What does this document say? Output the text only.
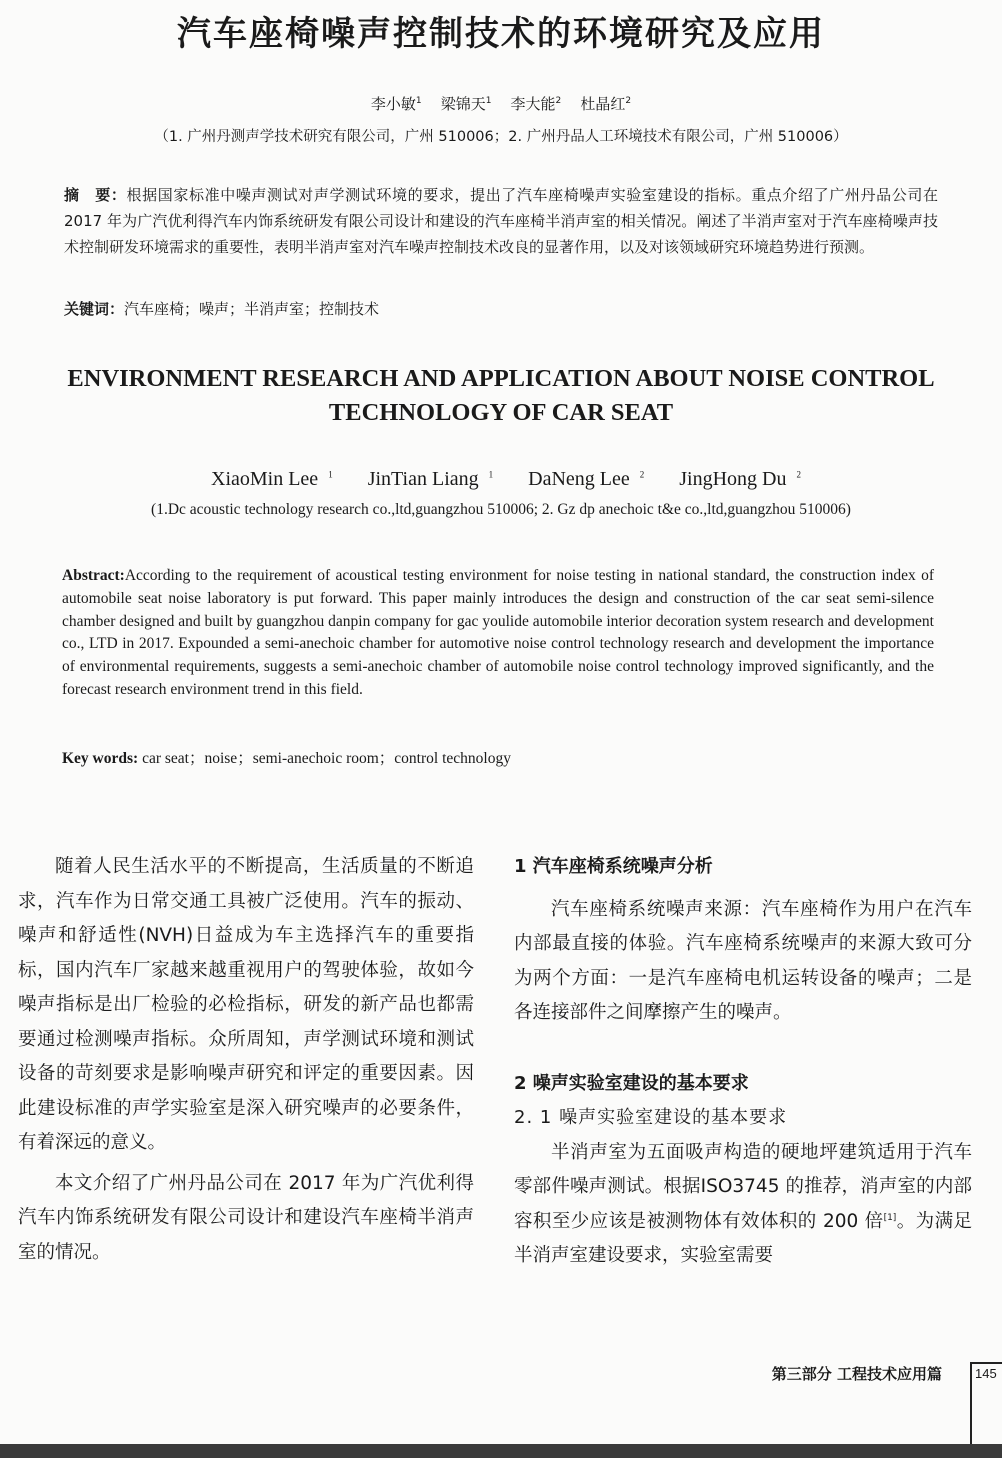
汽车座椅噪声控制技术的环境研究及应用
李小敏$^1$ 梁锦天$^1$ 李大能$^2$ 杜晶红$^2$
（1. 广州丹测声学技术研究有限公司，广州 510006；2. 广州丹品人工环境技术有限公司，广州 510006）
摘　要：根据国家标准中噪声测试对声学测试环境的要求，提出了汽车座椅噪声实验室建设的指标。重点介绍了广州丹品公司在 2017 年为广汽优利得汽车内饰系统研发有限公司设计和建设的汽车座椅半消声室的相关情况。阐述了半消声室对于汽车座椅噪声技术控制研发环境需求的重要性，表明半消声室对汽车噪声控制技术改良的显著作用，以及对该领域研究环境趋势进行预测。
关键词：汽车座椅；噪声；半消声室；控制技术
ENVIRONMENT RESEARCH AND APPLICATION ABOUT NOISE CONTROL
TECHNOLOGY OF CAR SEAT
XiaoMin Lee $^1$ JinTian Liang $^1$ DaNeng Lee $^2$ JingHong Du $^2$
(1.Dc acoustic technology research co.,ltd,guangzhou 510006; 2. Gz dp anechoic t&e co.,ltd,guangzhou 510006)
Abstract:According to the requirement of acoustical testing environment for noise testing in national standard, the construction index of automobile seat noise laboratory is put forward. This paper mainly introduces the design and construction of the car seat semi-silence chamber designed and built by guangzhou danpin company for gac youlide automobile interior decoration system research and development co., LTD in 2017. Expounded a semi-anechoic chamber for automotive noise control technology research and development the importance of environmental requirements, suggests a semi-anechoic chamber of automobile noise control technology improved significantly, and the forecast research environment trend in this field.
Key words: car seat；noise；semi-anechoic room；control technology

随着人民生活水平的不断提高，生活质量的不断追求，汽车作为日常交通工具被广泛使用。汽车的振动、噪声和舒适性(NVH)日益成为车主选择汽车的重要指标，国内汽车厂家越来越重视用户的驾驶体验，故如今噪声指标是出厂检验的必检指标，研发的新产品也都需要通过检测噪声指标。众所周知，声学测试环境和测试设备的苛刻要求是影响噪声研究和评定的重要因素。因此建设标准的声学实验室是深入研究噪声的必要条件，有着深远的意义。

本文介绍了广州丹品公司在 2017 年为广汽优利得汽车内饰系统研发有限公司设计和建设汽车座椅半消声室的情况。

1 汽车座椅系统噪声分析

汽车座椅系统噪声来源：汽车座椅作为用户在汽车内部最直接的体验。汽车座椅系统噪声的来源大致可分为两个方面：一是汽车座椅电机运转设备的噪声；二是各连接部件之间摩擦产生的噪声。

2 噪声实验室建设的基本要求
2. 1 噪声实验室建设的基本要求

半消声室为五面吸声构造的硬地坪建筑适用于汽车零部件噪声测试。根据ISO3745 的推荐，消声室的内部容积至少应该是被测物体有效体积的 200 倍[1]。为满足半消声室建设要求，实验室需要

第三部分 工程技术应用篇	145
